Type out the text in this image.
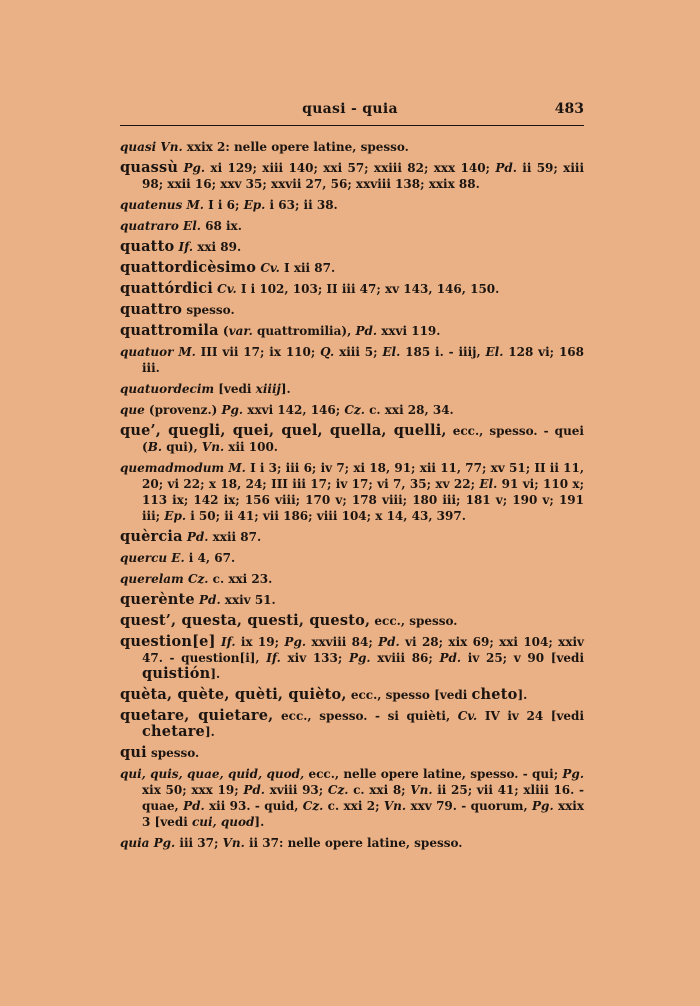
quasi - quia	483
quasi Vn. xxix 2: nelle opere latine, spesso.
quassù Pg. xi 129; xiii 140; xxi 57; xxiii 82; xxx 140; Pd. ii 59; xiii 98; xxii 16; xxv 35; xxvii 27, 56; xxviii 138; xxix 88.
quatenus M. I i 6; Ep. i 63; ii 38.
quatraro El. 68 ix.
quatto If. xxi 89.
quattordicèsimo Cv. I xii 87.
quattórdici Cv. I i 102, 103; II iii 47; xv 143, 146, 150.
quattro spesso.
quattromila (var. quattromilia), Pd. xxvi 119.
quatuor M. III vii 17; ix 110; Q. xiii 5; El. 185 i. - iiij, El. 128 vi; 168 iii.
quatuordecim [vedi xiiij].
que (provenz.) Pg. xxvi 142, 146; Cz. c. xxi 28, 34.
que’, quegli, quei, quel, quella, quelli, ecc., spesso. - quei (B. qui), Vn. xii 100.
quemadmodum M. I i 3; iii 6; iv 7; xi 18, 91; xii 11, 77; xv 51; II ii 11, 20; vi 22; x 18, 24; III iii 17; iv 17; vi 7, 35; xv 22; El. 91 vi; 110 x; 113 ix; 142 ix; 156 viii; 170 v; 178 viii; 180 iii; 181 v; 190 v; 191 iii; Ep. i 50; ii 41; vii 186; viii 104; x 14, 43, 397.
quèrcia Pd. xxii 87.
quercu E. i 4, 67.
querelam Cz. c. xxi 23.
querènte Pd. xxiv 51.
quest’, questa, questi, questo, ecc., spesso.
question[e] If. ix 19; Pg. xxviii 84; Pd. vi 28; xix 69; xxi 104; xxiv 47. - question[i], If. xiv 133; Pg. xviii 86; Pd. iv 25; v 90 [vedi quistión].
quèta, quète, quèti, quièto, ecc., spesso [vedi cheto].
quetare, quietare, ecc., spesso. - si quièti, Cv. IV iv 24 [vedi chetare].
qui spesso.
qui, quis, quae, quid, quod, ecc., nelle opere latine, spesso. - qui; Pg. xix 50; xxx 19; Pd. xviii 93; Cz. c. xxi 8; Vn. ii 25; vii 41; xliii 16. - quae, Pd. xii 93. - quid, Cz. c. xxi 2; Vn. xxv 79. - quorum, Pg. xxix 3 [vedi cui, quod].
quia Pg. iii 37; Vn. ii 37: nelle opere latine, spesso.
